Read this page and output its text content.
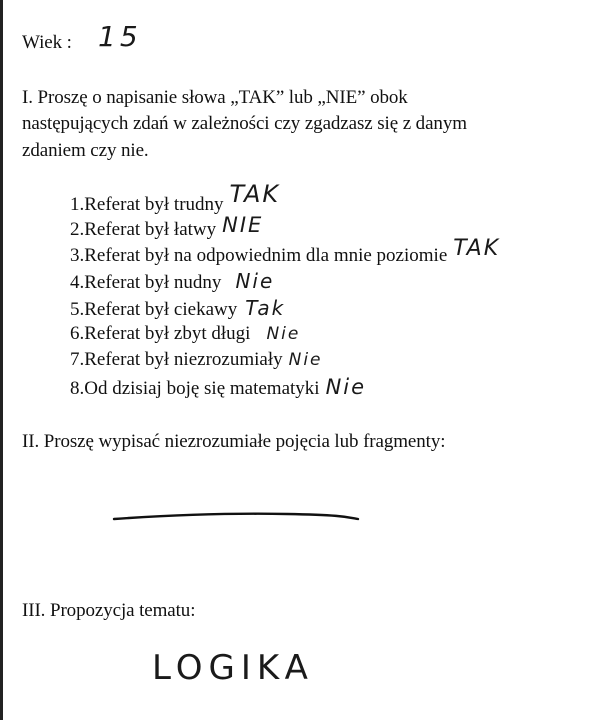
Wiek : 15
I. Proszę o napisanie słowa „TAK” lub „NIE” obok
następujących zdań w zależności czy zgadzasz się z danym
zdaniem czy nie.
1.Referat był trudny TAK
2.Referat był łatwy NIE
3.Referat był na odpowiednim dla mnie poziomie TAK
4.Referat był nudny Nie
5.Referat był ciekawy Tak
6.Referat był zbyt długi Nie
7.Referat był niezrozumiały Nie
8.Od dzisiaj boję się matematyki Nie
II. Proszę wypisać niezrozumiałe pojęcia lub fragmenty:
III. Propozycja tematu:
LOGIKA
